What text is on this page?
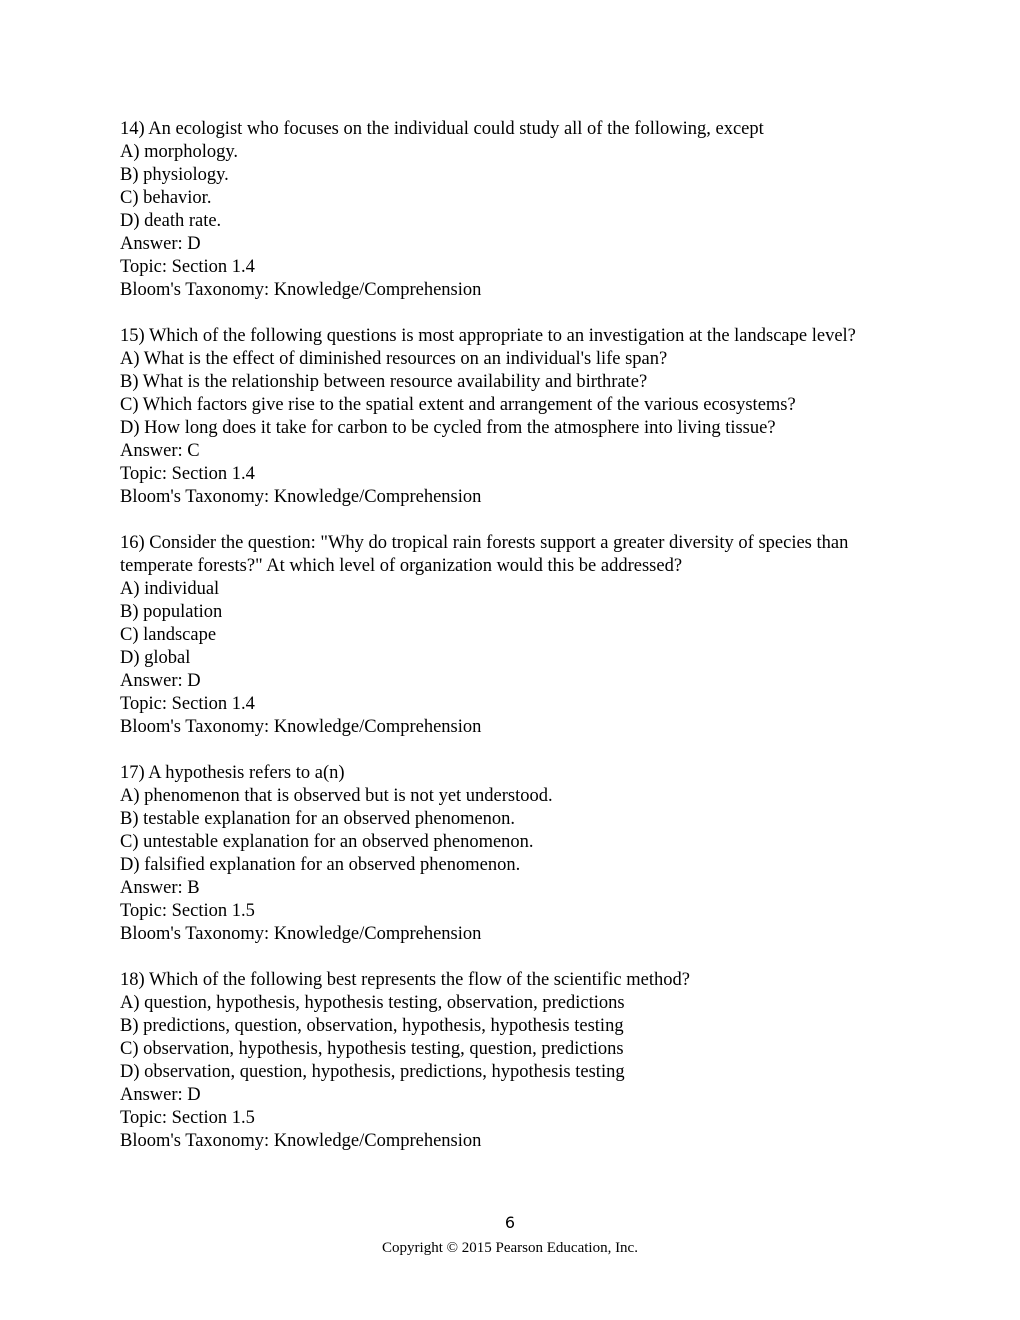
14) An ecologist who focuses on the individual could study all of the following, except
A) morphology.
B) physiology.
C) behavior.
D) death rate.
Answer: D
Topic: Section 1.4
Bloom's Taxonomy: Knowledge/Comprehension
15) Which of the following questions is most appropriate to an investigation at the landscape level?
A) What is the effect of diminished resources on an individual's life span?
B) What is the relationship between resource availability and birthrate?
C) Which factors give rise to the spatial extent and arrangement of the various ecosystems?
D) How long does it take for carbon to be cycled from the atmosphere into living tissue?
Answer: C
Topic: Section 1.4
Bloom's Taxonomy: Knowledge/Comprehension
16) Consider the question: "Why do tropical rain forests support a greater diversity of species than temperate forests?" At which level of organization would this be addressed?
A) individual
B) population
C) landscape
D) global
Answer: D
Topic: Section 1.4
Bloom's Taxonomy: Knowledge/Comprehension
17) A hypothesis refers to a(n)
A) phenomenon that is observed but is not yet understood.
B) testable explanation for an observed phenomenon.
C) untestable explanation for an observed phenomenon.
D) falsified explanation for an observed phenomenon.
Answer: B
Topic: Section 1.5
Bloom's Taxonomy: Knowledge/Comprehension
18) Which of the following best represents the flow of the scientific method?
A) question, hypothesis, hypothesis testing, observation, predictions
B) predictions, question, observation, hypothesis, hypothesis testing
C) observation, hypothesis, hypothesis testing, question, predictions
D) observation, question, hypothesis, predictions, hypothesis testing
Answer: D
Topic: Section 1.5
Bloom's Taxonomy: Knowledge/Comprehension
6
Copyright © 2015 Pearson Education, Inc.
